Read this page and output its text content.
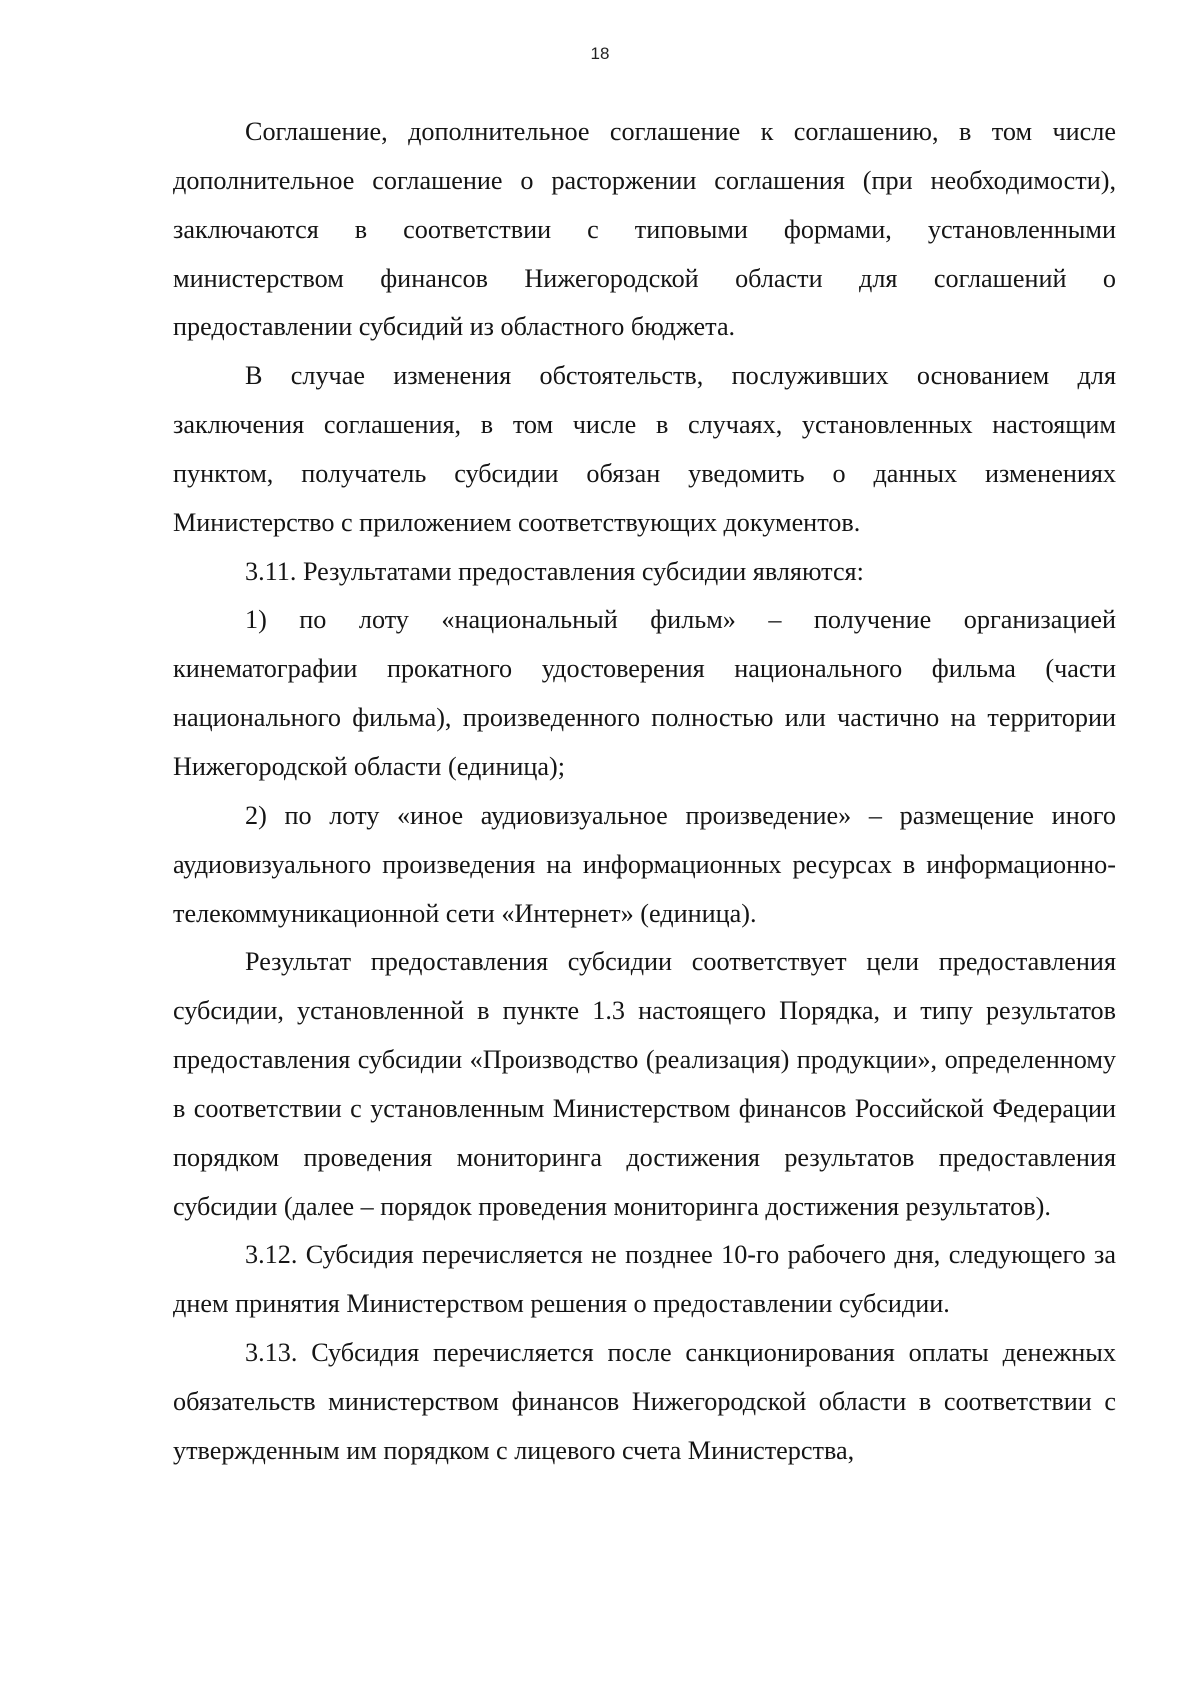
18

Соглашение, дополнительное соглашение к соглашению, в том числе дополнительное соглашение о расторжении соглашения (при необходимости), заключаются в соответствии с типовыми формами, установленными министерством финансов Нижегородской области для соглашений о предоставлении субсидий из областного бюджета.

В случае изменения обстоятельств, послуживших основанием для заключения соглашения, в том числе в случаях, установленных настоящим пунктом, получатель субсидии обязан уведомить о данных изменениях Министерство с приложением соответствующих документов.

3.11. Результатами предоставления субсидии являются:

1) по лоту «национальный фильм» – получение организацией кинематографии прокатного удостоверения национального фильма (части национального фильма), произведенного полностью или частично на территории Нижегородской области (единица);

2) по лоту «иное аудиовизуальное произведение» – размещение иного аудиовизуального произведения на информационных ресурсах в информационно-телекоммуникационной сети «Интернет» (единица).

Результат предоставления субсидии соответствует цели предоставления субсидии, установленной в пункте 1.3 настоящего Порядка, и типу результатов предоставления субсидии «Производство (реализация) продукции», определенному в соответствии с установленным Министерством финансов Российской Федерации порядком проведения мониторинга достижения результатов предоставления субсидии (далее – порядок проведения мониторинга достижения результатов).

3.12. Субсидия перечисляется не позднее 10-го рабочего дня, следующего за днем принятия Министерством решения о предоставлении субсидии.

3.13. Субсидия перечисляется после санкционирования оплаты денежных обязательств министерством финансов Нижегородской области в соответствии с утвержденным им порядком с лицевого счета Министерства,
